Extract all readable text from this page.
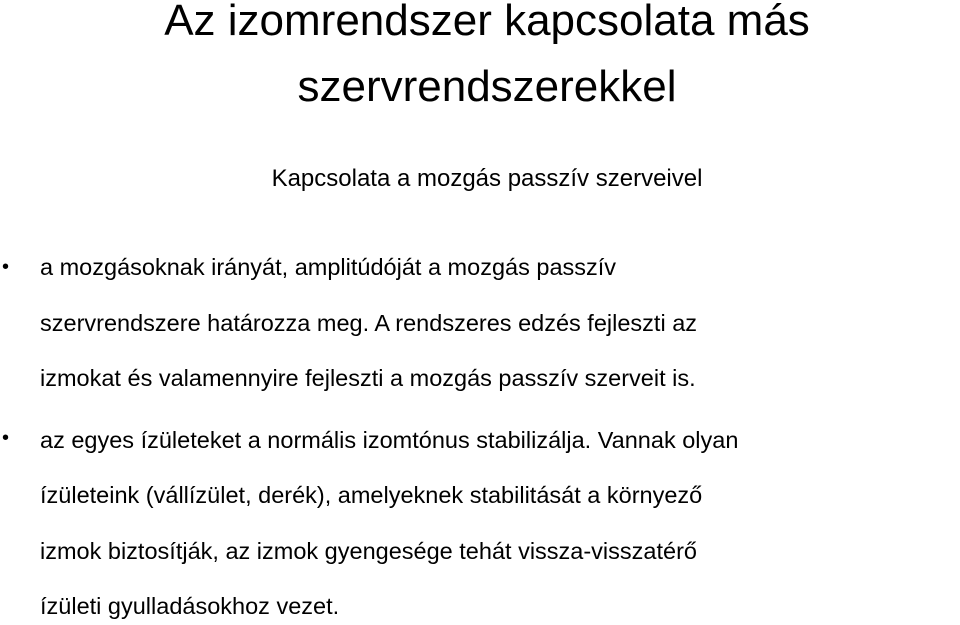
Az izomrendszer kapcsolata más
szervrendszerekkel

Kapcsolata a mozgás passzív szerveivel

• a mozgásoknak irányát, amplitúdóját a mozgás passzív
szervrendszere határozza meg. A rendszeres edzés fejleszti az
izmokat és valamennyire fejleszti a mozgás passzív szerveit is.
• az egyes ízületeket a normális izomtónus stabilizálja. Vannak olyan
ízületeink (vállízület, derék), amelyeknek stabilitását a környező
izmok biztosítják, az izmok gyengesége tehát vissza-visszatérő
ízületi gyulladásokhoz vezet.
